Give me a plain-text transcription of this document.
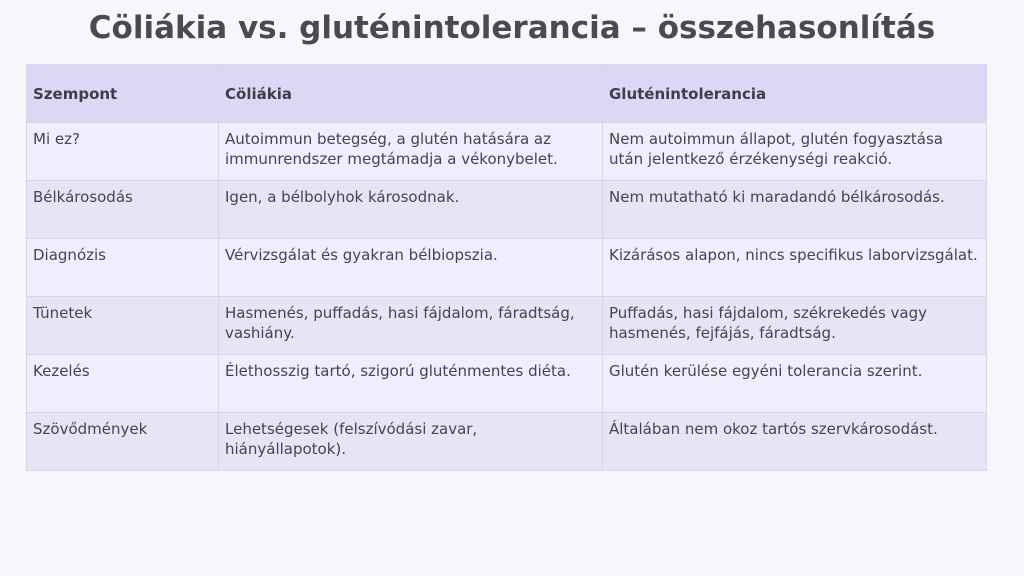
Cöliákia vs. gluténintolerancia – összehasonlítás
Szempont	Cöliákia	Gluténintolerancia
Mi ez?	Autoimmun betegség, a glutén hatására az immunrendszer megtámadja a vékonybelet.	Nem autoimmun állapot, glutén fogyasztása után jelentkező érzékenységi reakció.
Bélkárosodás	Igen, a bélbolyhok károsodnak.	Nem mutatható ki maradandó bélkárosodás.
Diagnózis	Vérvizsgálat és gyakran bélbiopszia.	Kizárásos alapon, nincs specifikus laborvizsgálat.
Tünetek	Hasmenés, puffadás, hasi fájdalom, fáradtság, vashiány.	Puffadás, hasi fájdalom, székrekedés vagy hasmenés, fejfájás, fáradtság.
Kezelés	Élethosszig tartó, szigorú gluténmentes diéta.	Glutén kerülése egyéni tolerancia szerint.
Szövődmények	Lehetségesek (felszívódási zavar, hiányállapotok).	Általában nem okoz tartós szervkárosodást.
